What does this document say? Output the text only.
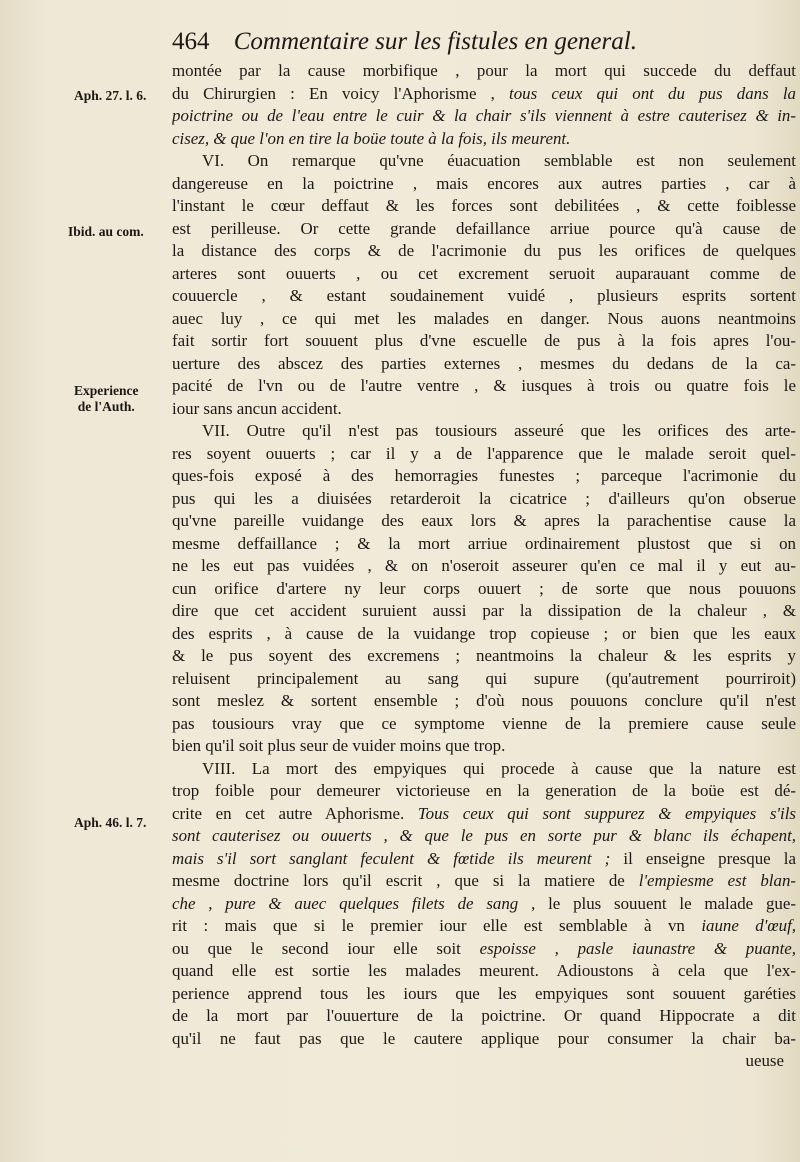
464 Commentaire sur les fistules en general.
Aph. 27. l. 6.
Ibid. au com.
Experience
de l'Auth.
Aph. 46. l. 7.
montée par la cause morbifique , pour la mort qui succede du deffaut
du Chirurgien : En voicy l'Aphorisme , tous ceux qui ont du pus dans la
poictrine ou de l'eau entre le cuir & la chair s'ils viennent à estre cauterisez & in-
cisez, & que l'on en tire la boüe toute à la fois, ils meurent.
VI. On remarque qu'vne éuacuation semblable est non seulement
dangereuse en la poictrine , mais encores aux autres parties , car à
l'instant le cœur deffaut & les forces sont debilitées , & cette foiblesse
est perilleuse. Or cette grande defaillance arriue pource qu'à cause de
la distance des corps & de l'acrimonie du pus les orifices de quelques
arteres sont ouuerts , ou cet excrement seruoit auparauant comme de
couuercle , & estant soudainement vuidé , plusieurs esprits sortent
auec luy , ce qui met les malades en danger. Nous auons neantmoins
fait sortir fort souuent plus d'vne escuelle de pus à la fois apres l'ou-
uerture des abscez des parties externes , mesmes du dedans de la ca-
pacité de l'vn ou de l'autre ventre , & iusques à trois ou quatre fois le
iour sans ancun accident.
VII. Outre qu'il n'est pas tousiours asseuré que les orifices des arte-
res soyent ouuerts ; car il y a de l'apparence que le malade seroit quel-
ques-fois exposé à des hemorragies funestes ; parceque l'acrimonie du
pus qui les a diuisées retarderoit la cicatrice ; d'ailleurs qu'on obserue
qu'vne pareille vuidange des eaux lors & apres la parachentise cause la
mesme deffaillance ; & la mort arriue ordinairement plustost que si on
ne les eut pas vuidées , & on n'oseroit asseurer qu'en ce mal il y eut au-
cun orifice d'artere ny leur corps ouuert ; de sorte que nous pouuons
dire que cet accident suruient aussi par la dissipation de la chaleur , &
des esprits , à cause de la vuidange trop copieuse ; or bien que les eaux
& le pus soyent des excremens ; neantmoins la chaleur & les esprits y
reluisent principalement au sang qui supure (qu'autrement pourriroit)
sont meslez & sortent ensemble ; d'où nous pouuons conclure qu'il n'est
pas tousiours vray que ce symptome vienne de la premiere cause seule
bien qu'il soit plus seur de vuider moins que trop.
VIII. La mort des empyiques qui procede à cause que la nature est
trop foible pour demeurer victorieuse en la generation de la boüe est dé-
crite en cet autre Aphorisme. Tous ceux qui sont suppurez & empyiques s'ils
sont cauterisez ou ouuerts , & que le pus en sorte pur & blanc ils échapent,
mais s'il sort sanglant feculent & fœtide ils meurent ; il enseigne presque la
mesme doctrine lors qu'il escrit , que si la matiere de l'empiesme est blan-
che , pure & auec quelques filets de sang , le plus souuent le malade gue-
rit : mais que si le premier iour elle est semblable à vn iaune d'œuf,
ou que le second iour elle soit espoisse , pasle iaunastre & puante,
quand elle est sortie les malades meurent. Adioustons à cela que l'ex-
perience apprend tous les iours que les empyiques sont souuent garéties
de la mort par l'ouuerture de la poictrine. Or quand Hippocrate a dit
qu'il ne faut pas que le cautere applique pour consumer la chair ba-
ueuse
